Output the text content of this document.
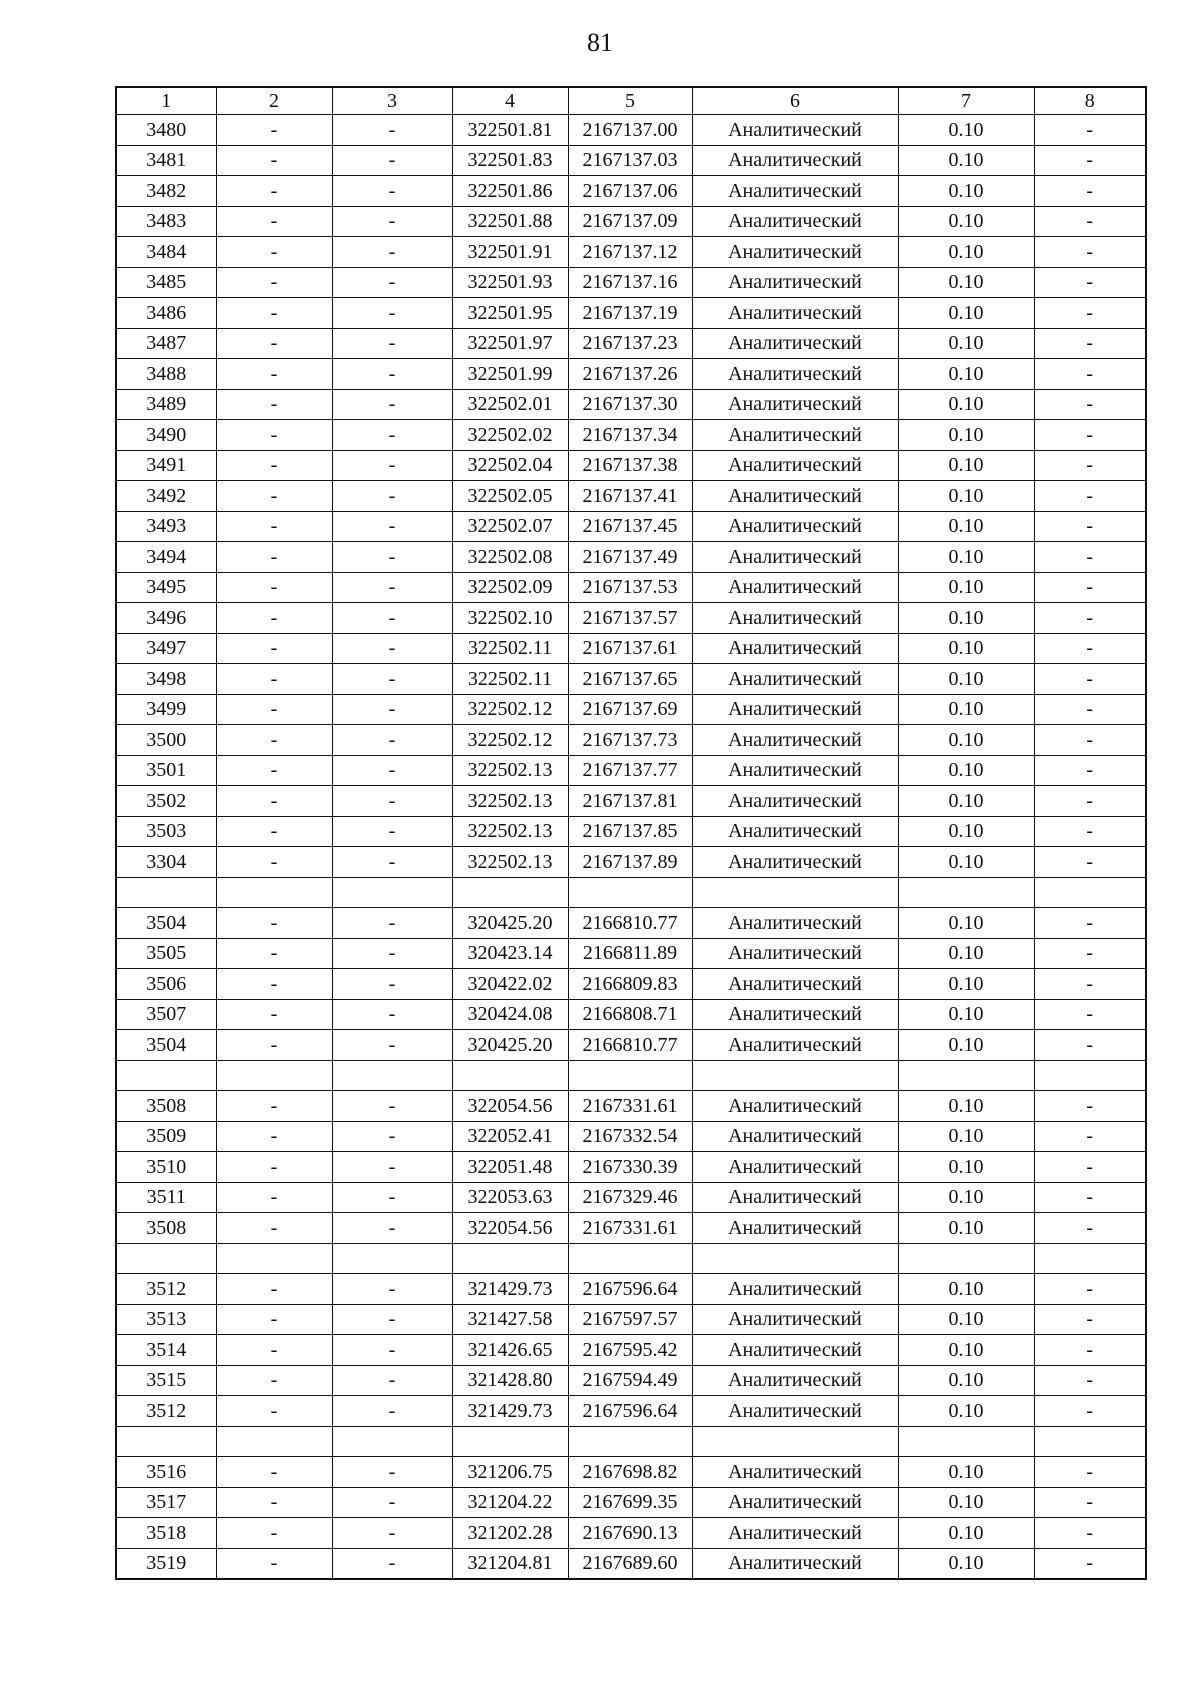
81
1	2	3	4	5	6	7	8
3480	-	-	322501.81	2167137.00	Аналитический	0.10	-
3481	-	-	322501.83	2167137.03	Аналитический	0.10	-
3482	-	-	322501.86	2167137.06	Аналитический	0.10	-
3483	-	-	322501.88	2167137.09	Аналитический	0.10	-
3484	-	-	322501.91	2167137.12	Аналитический	0.10	-
3485	-	-	322501.93	2167137.16	Аналитический	0.10	-
3486	-	-	322501.95	2167137.19	Аналитический	0.10	-
3487	-	-	322501.97	2167137.23	Аналитический	0.10	-
3488	-	-	322501.99	2167137.26	Аналитический	0.10	-
3489	-	-	322502.01	2167137.30	Аналитический	0.10	-
3490	-	-	322502.02	2167137.34	Аналитический	0.10	-
3491	-	-	322502.04	2167137.38	Аналитический	0.10	-
3492	-	-	322502.05	2167137.41	Аналитический	0.10	-
3493	-	-	322502.07	2167137.45	Аналитический	0.10	-
3494	-	-	322502.08	2167137.49	Аналитический	0.10	-
3495	-	-	322502.09	2167137.53	Аналитический	0.10	-
3496	-	-	322502.10	2167137.57	Аналитический	0.10	-
3497	-	-	322502.11	2167137.61	Аналитический	0.10	-
3498	-	-	322502.11	2167137.65	Аналитический	0.10	-
3499	-	-	322502.12	2167137.69	Аналитический	0.10	-
3500	-	-	322502.12	2167137.73	Аналитический	0.10	-
3501	-	-	322502.13	2167137.77	Аналитический	0.10	-
3502	-	-	322502.13	2167137.81	Аналитический	0.10	-
3503	-	-	322502.13	2167137.85	Аналитический	0.10	-
3304	-	-	322502.13	2167137.89	Аналитический	0.10	-

3504	-	-	320425.20	2166810.77	Аналитический	0.10	-
3505	-	-	320423.14	2166811.89	Аналитический	0.10	-
3506	-	-	320422.02	2166809.83	Аналитический	0.10	-
3507	-	-	320424.08	2166808.71	Аналитический	0.10	-
3504	-	-	320425.20	2166810.77	Аналитический	0.10	-

3508	-	-	322054.56	2167331.61	Аналитический	0.10	-
3509	-	-	322052.41	2167332.54	Аналитический	0.10	-
3510	-	-	322051.48	2167330.39	Аналитический	0.10	-
3511	-	-	322053.63	2167329.46	Аналитический	0.10	-
3508	-	-	322054.56	2167331.61	Аналитический	0.10	-

3512	-	-	321429.73	2167596.64	Аналитический	0.10	-
3513	-	-	321427.58	2167597.57	Аналитический	0.10	-
3514	-	-	321426.65	2167595.42	Аналитический	0.10	-
3515	-	-	321428.80	2167594.49	Аналитический	0.10	-
3512	-	-	321429.73	2167596.64	Аналитический	0.10	-

3516	-	-	321206.75	2167698.82	Аналитический	0.10	-
3517	-	-	321204.22	2167699.35	Аналитический	0.10	-
3518	-	-	321202.28	2167690.13	Аналитический	0.10	-
3519	-	-	321204.81	2167689.60	Аналитический	0.10	-
